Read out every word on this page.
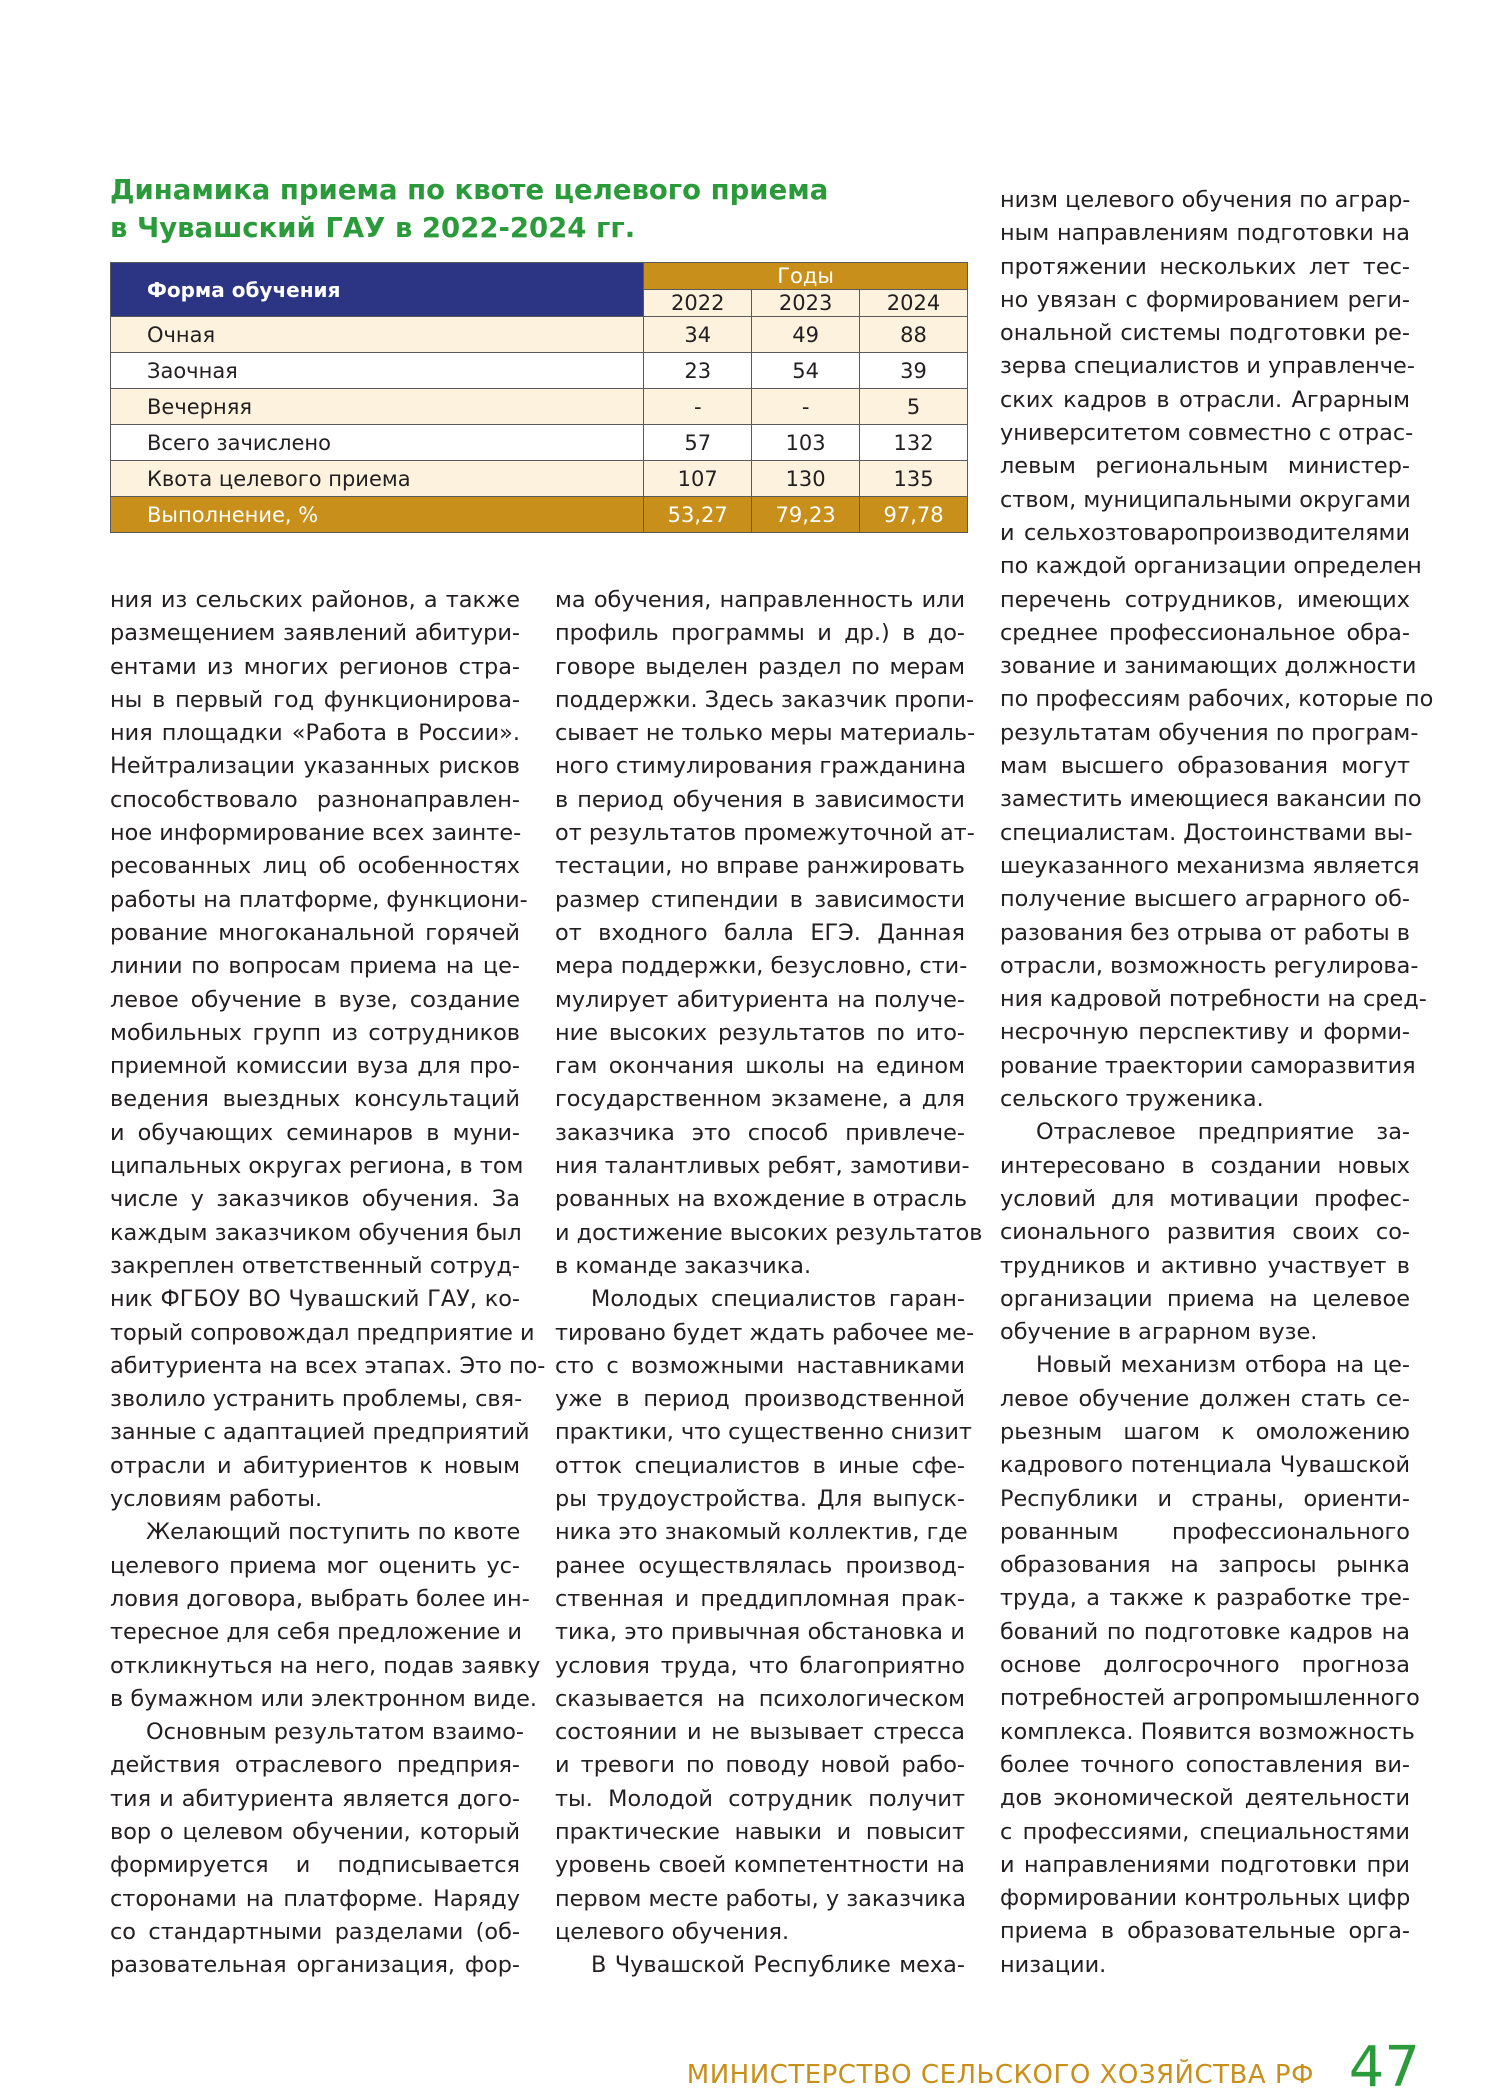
Динамика приема по квоте целевого приема
в Чувашский ГАУ в 2022-2024 гг.
Форма обучения	Годы		
	2022	2023	2024
Очная	34	49	88
Заочная	23	54	39
Вечерняя	-	-	5
Всего зачислено	57	103	132
Квота целевого приема	107	130	135
Выполнение, %	53,27	79,23	97,78

ния из сельских районов, а также
размещением заявлений абитури-
ентами из многих регионов стра-
ны в первый год функционирова-
ния площадки «Работа в России».
Нейтрализации указанных рисков
способствовало разнонаправлен-
ное информирование всех заинте-
ресованных лиц об особенностях
работы на платформе, функциони-
рование многоканальной горячей
линии по вопросам приема на це-
левое обучение в вузе, создание
мобильных групп из сотрудников
приемной комиссии вуза для про-
ведения выездных консультаций
и обучающих семинаров в муни-
ципальных округах региона, в том
числе у заказчиков обучения. За
каждым заказчиком обучения был
закреплен ответственный сотруд-
ник ФГБОУ ВО Чувашский ГАУ, ко-
торый сопровождал предприятие и
абитуриента на всех этапах. Это по-
зволило устранить проблемы, свя-
занные с адаптацией предприятий
отрасли и абитуриентов к новым
условиям работы.

Желающий поступить по квоте
целевого приема мог оценить ус-
ловия договора, выбрать более ин-
тересное для себя предложение и
откликнуться на него, подав заявку
в бумажном или электронном виде.

Основным результатом взаимо-
действия отраслевого предприя-
тия и абитуриента является дого-
вор о целевом обучении, который
формируется и подписывается
сторонами на платформе. Наряду
со стандартными разделами (об-
разовательная организация, фор-

ма обучения, направленность или
профиль программы и др.) в до-
говоре выделен раздел по мерам
поддержки. Здесь заказчик пропи-
сывает не только меры материаль-
ного стимулирования гражданина
в период обучения в зависимости
от результатов промежуточной ат-
тестации, но вправе ранжировать
размер стипендии в зависимости
от входного балла ЕГЭ. Данная
мера поддержки, безусловно, сти-
мулирует абитуриента на получе-
ние высоких результатов по ито-
гам окончания школы на едином
государственном экзамене, а для
заказчика это способ привлече-
ния талантливых ребят, замотиви-
рованных на вхождение в отрасль
и достижение высоких результатов
в команде заказчика.

Молодых специалистов гаран-
тировано будет ждать рабочее ме-
сто с возможными наставниками
уже в период производственной
практики, что существенно снизит
отток специалистов в иные сфе-
ры трудоустройства. Для выпуск-
ника это знакомый коллектив, где
ранее осуществлялась производ-
ственная и преддипломная прак-
тика, это привычная обстановка и
условия труда, что благоприятно
сказывается на психологическом
состоянии и не вызывает стресса
и тревоги по поводу новой рабо-
ты. Молодой сотрудник получит
практические навыки и повысит
уровень своей компетентности на
первом месте работы, у заказчика
целевого обучения.

В Чувашской Республике меха-

низм целевого обучения по аграр-
ным направлениям подготовки на
протяжении нескольких лет тес-
но увязан с формированием реги-
ональной системы подготовки ре-
зерва специалистов и управленче-
ских кадров в отрасли. Аграрным
университетом совместно с отрас-
левым региональным министер-
ством, муниципальными округами
и сельхозтоваропроизводителями
по каждой организации определен
перечень сотрудников, имеющих
среднее профессиональное обра-
зование и занимающих должности
по профессиям рабочих, которые по
результатам обучения по програм-
мам высшего образования могут
заместить имеющиеся вакансии по
специалистам. Достоинствами вы-
шеуказанного механизма является
получение высшего аграрного об-
разования без отрыва от работы в
отрасли, возможность регулирова-
ния кадровой потребности на сред-
несрочную перспективу и форми-
рование траектории саморазвития
сельского труженика.

Отраслевое предприятие за-
интересовано в создании новых
условий для мотивации профес-
сионального развития своих со-
трудников и активно участвует в
организации приема на целевое
обучение в аграрном вузе.

Новый механизм отбора на це-
левое обучение должен стать се-
рьезным шагом к омоложению
кадрового потенциала Чувашской
Республики и страны, ориенти-
рованным профессионального
образования на запросы рынка
труда, а также к разработке тре-
бований по подготовке кадров на
основе долгосрочного прогноза
потребностей агропромышленного
комплекса. Появится возможность
более точного сопоставления ви-
дов экономической деятельности
с профессиями, специальностями
и направлениями подготовки при
формировании контрольных цифр
приема в образовательные орга-
низации.

МИНИСТЕРСТВО СЕЛЬСКОГО ХОЗЯЙСТВА РФ 47
